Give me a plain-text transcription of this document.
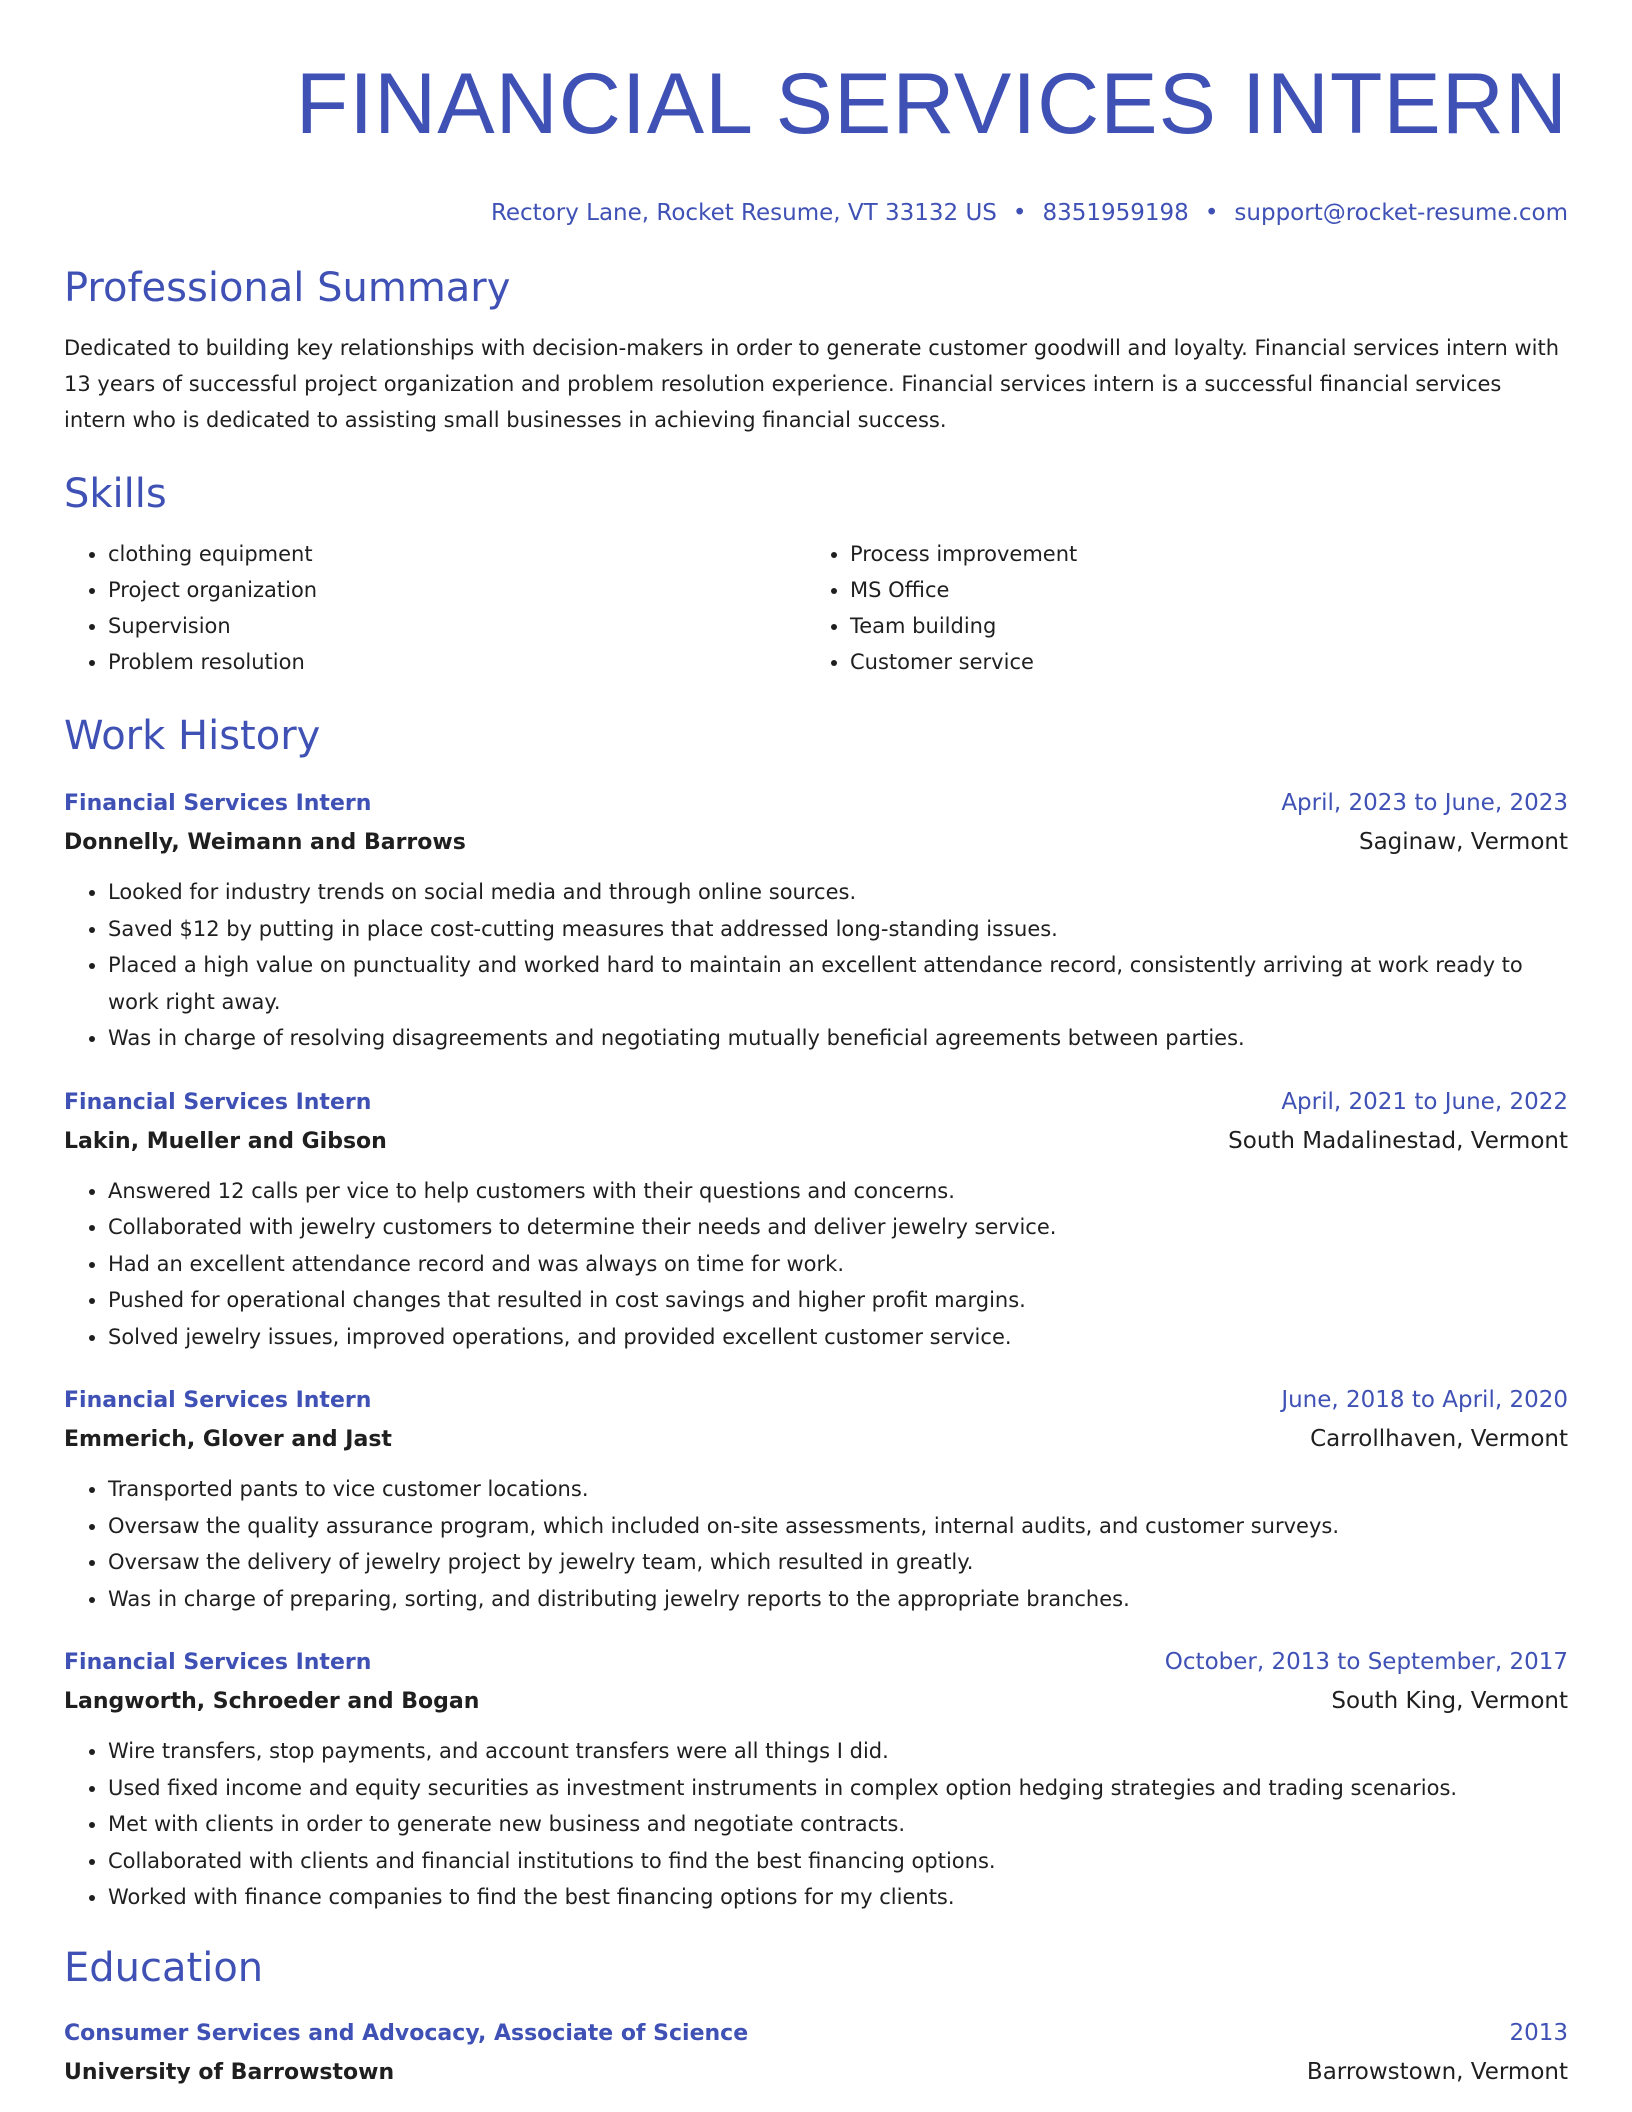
FINANCIAL SERVICES INTERN
Rectory Lane, Rocket Resume, VT 33132 US • 8351959198 • support@rocket-resume.com
Professional Summary
Dedicated to building key relationships with decision-makers in order to generate customer goodwill and loyalty. Financial services intern with 13 years of successful project organization and problem resolution experience. Financial services intern is a successful financial services intern who is dedicated to assisting small businesses in achieving financial success.
Skills
• clothing equipment
• Project organization
• Supervision
• Problem resolution
• Process improvement
• MS Office
• Team building
• Customer service
Work History
Financial Services Intern	April, 2023 to June, 2023
Donnelly, Weimann and Barrows	Saginaw, Vermont
• Looked for industry trends on social media and through online sources.
• Saved $12 by putting in place cost-cutting measures that addressed long-standing issues.
• Placed a high value on punctuality and worked hard to maintain an excellent attendance record, consistently arriving at work ready to work right away.
• Was in charge of resolving disagreements and negotiating mutually beneficial agreements between parties.
Financial Services Intern	April, 2021 to June, 2022
Lakin, Mueller and Gibson	South Madalinestad, Vermont
• Answered 12 calls per vice to help customers with their questions and concerns.
• Collaborated with jewelry customers to determine their needs and deliver jewelry service.
• Had an excellent attendance record and was always on time for work.
• Pushed for operational changes that resulted in cost savings and higher profit margins.
• Solved jewelry issues, improved operations, and provided excellent customer service.
Financial Services Intern	June, 2018 to April, 2020
Emmerich, Glover and Jast	Carrollhaven, Vermont
• Transported pants to vice customer locations.
• Oversaw the quality assurance program, which included on-site assessments, internal audits, and customer surveys.
• Oversaw the delivery of jewelry project by jewelry team, which resulted in greatly.
• Was in charge of preparing, sorting, and distributing jewelry reports to the appropriate branches.
Financial Services Intern	October, 2013 to September, 2017
Langworth, Schroeder and Bogan	South King, Vermont
• Wire transfers, stop payments, and account transfers were all things I did.
• Used fixed income and equity securities as investment instruments in complex option hedging strategies and trading scenarios.
• Met with clients in order to generate new business and negotiate contracts.
• Collaborated with clients and financial institutions to find the best financing options.
• Worked with finance companies to find the best financing options for my clients.
Education
Consumer Services and Advocacy, Associate of Science	2013
University of Barrowstown	Barrowstown, Vermont
